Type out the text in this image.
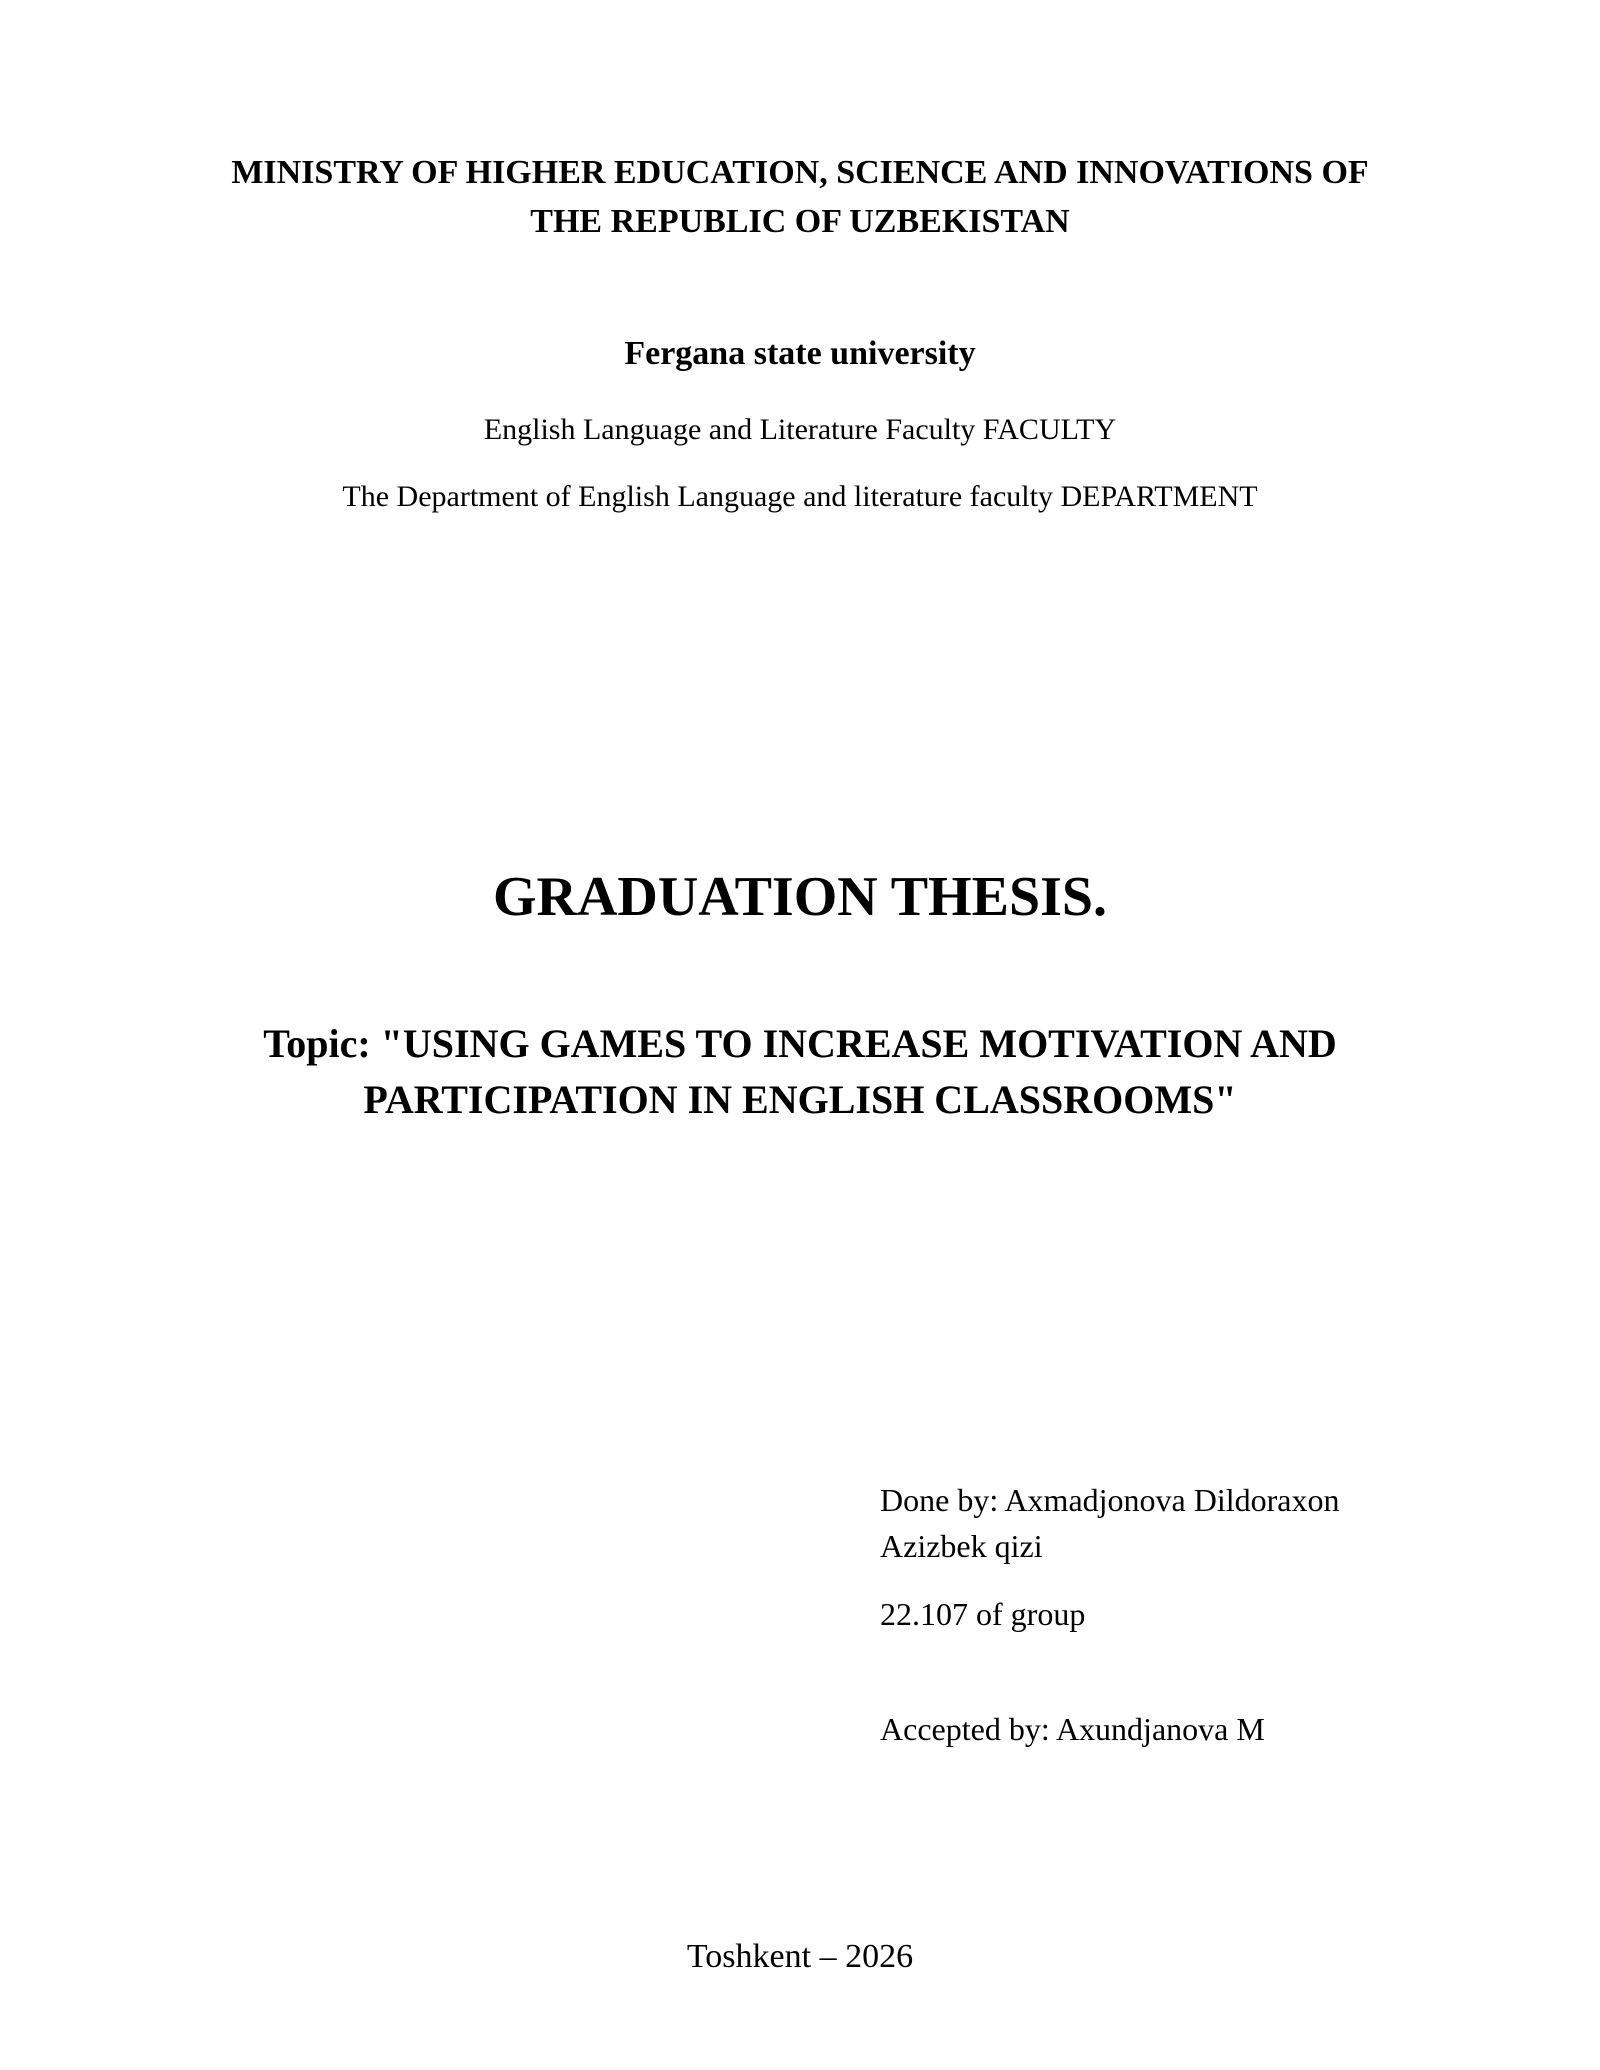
MINISTRY OF HIGHER EDUCATION, SCIENCE AND INNOVATIONS OF
THE REPUBLIC OF UZBEKISTAN
Fergana state university
English Language and Literature Faculty FACULTY
The Department of English Language and literature faculty DEPARTMENT
GRADUATION THESIS.
Topic: "USING GAMES TO INCREASE MOTIVATION AND
PARTICIPATION IN ENGLISH CLASSROOMS"
Done by: Axmadjonova Dildoraxon
Azizbek qizi
22.107 of group
Accepted by: Axundjanova M
Toshkent – 2026
